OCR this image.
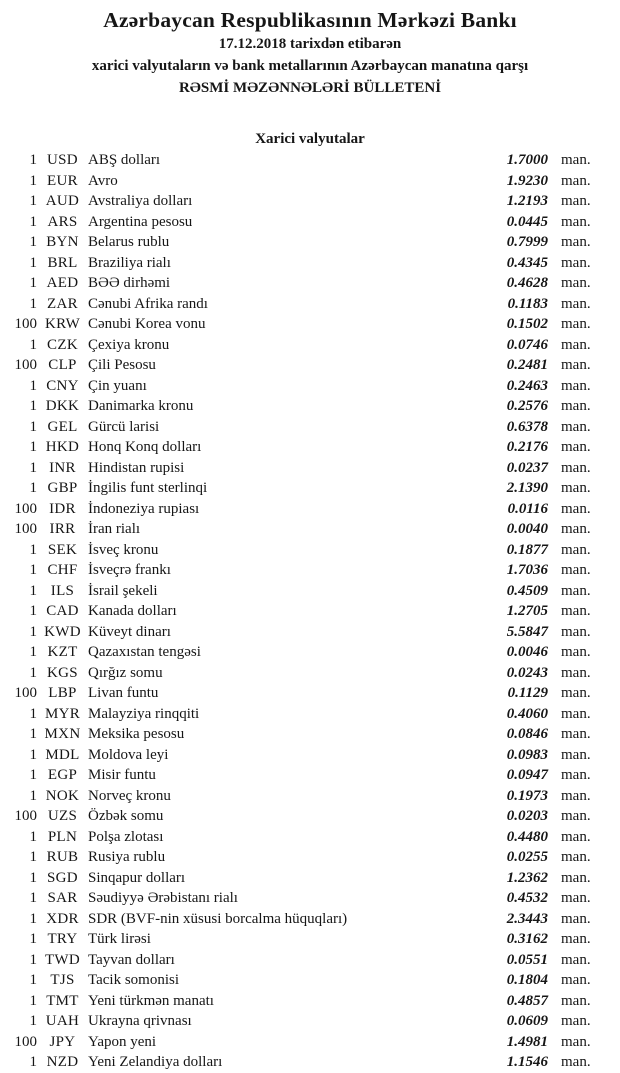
Azərbaycan Respublikasının Mərkəzi Bankı
17.12.2018 tarixdən etibarən
xarici valyutaların və bank metallarının Azərbaycan manatına qarşı
RƏSMİ MƏZƏNNƏLƏRİ BÜLLETENİ
Xarici valyutalar
1 USD ABŞ dolları	1.7000 man.
1 EUR Avro	1.9230 man.
1 AUD Avstraliya dolları	1.2193 man.
1 ARS Argentina pesosu	0.0445 man.
1 BYN Belarus rublu	0.7999 man.
1 BRL Braziliya rialı	0.4345 man.
1 AED BƏƏ dirhəmi	0.4628 man.
1 ZAR Cənubi Afrika randı	0.1183 man.
100 KRW Cənubi Korea vonu	0.1502 man.
1 CZK Çexiya kronu	0.0746 man.
100 CLP Çili Pesosu	0.2481 man.
1 CNY Çin yuanı	0.2463 man.
1 DKK Danimarka kronu	0.2576 man.
1 GEL Gürcü larisi	0.6378 man.
1 HKD Honq Konq dolları	0.2176 man.
1 INR Hindistan rupisi	0.0237 man.
1 GBP İngilis funt sterlinqi	2.1390 man.
100 IDR İndoneziya rupiası	0.0116 man.
100 IRR İran rialı	0.0040 man.
1 SEK İsveç kronu	0.1877 man.
1 CHF İsveçrə frankı	1.7036 man.
1 ILS İsrail şekeli	0.4509 man.
1 CAD Kanada dolları	1.2705 man.
1 KWD Küveyt dinarı	5.5847 man.
1 KZT Qazaxıstan tengəsi	0.0046 man.
1 KGS Qırğız somu	0.0243 man.
100 LBP Livan funtu	0.1129 man.
1 MYR Malayziya rinqqiti	0.4060 man.
1 MXN Meksika pesosu	0.0846 man.
1 MDL Moldova leyi	0.0983 man.
1 EGP Misir funtu	0.0947 man.
1 NOK Norveç kronu	0.1973 man.
100 UZS Özbək somu	0.0203 man.
1 PLN Polşa zlotası	0.4480 man.
1 RUB Rusiya rublu	0.0255 man.
1 SGD Sinqapur dolları	1.2362 man.
1 SAR Səudiyyə Ərəbistanı rialı	0.4532 man.
1 XDR SDR (BVF-nin xüsusi borcalma hüquqları)	2.3443 man.
1 TRY Türk lirəsi	0.3162 man.
1 TWD Tayvan dolları	0.0551 man.
1 TJS Tacik somonisi	0.1804 man.
1 TMT Yeni türkmən manatı	0.4857 man.
1 UAH Ukrayna qrivnası	0.0609 man.
100 JPY Yapon yeni	1.4981 man.
1 NZD Yeni Zelandiya dolları	1.1546 man.
